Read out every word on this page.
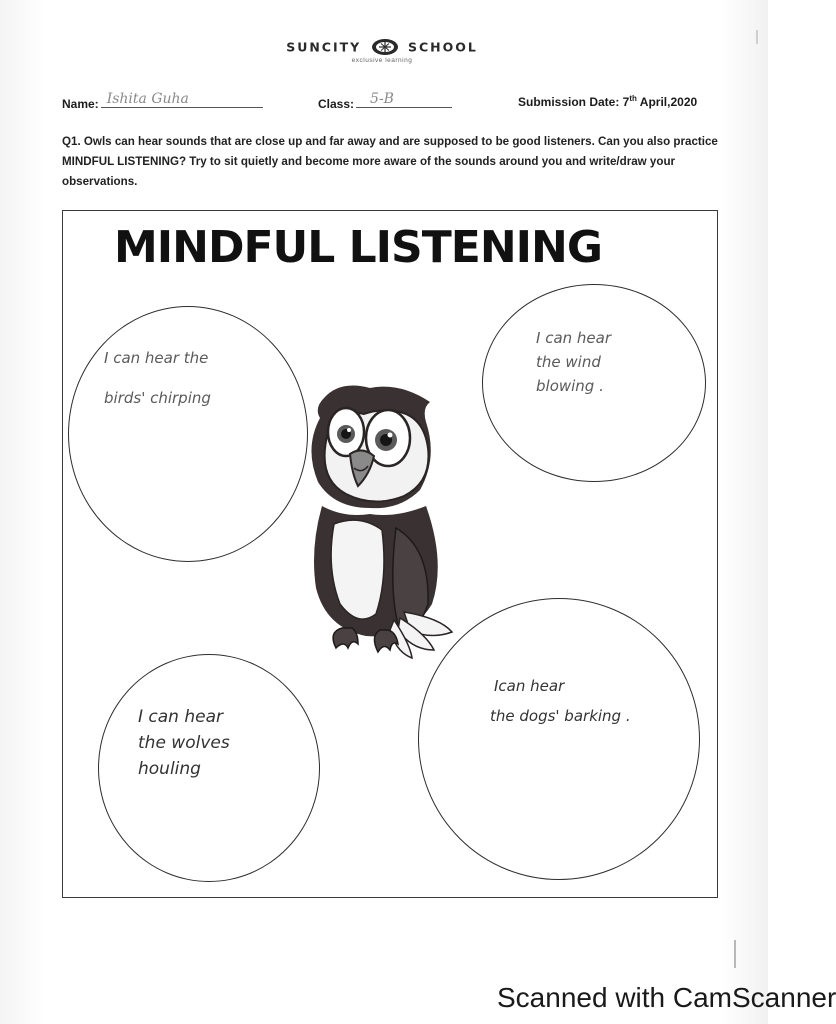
SUNCITY	SCHOOL
exclusive learning
Name: Ishita Guha	Class: 5-B	Submission Date: 7th April,2020
Q1. Owls can hear sounds that are close up and far away and are supposed to be good listeners. Can you also practice MINDFUL LISTENING? Try to sit quietly and become more aware of the sounds around you and write/draw your observations.
MINDFUL LISTENING
I can hear the
birds' chirping
I can hear
the wind
blowing .
I can hear
the wolves
houling
Ican hear
the dogs' barking .
Scanned with CamScanner
